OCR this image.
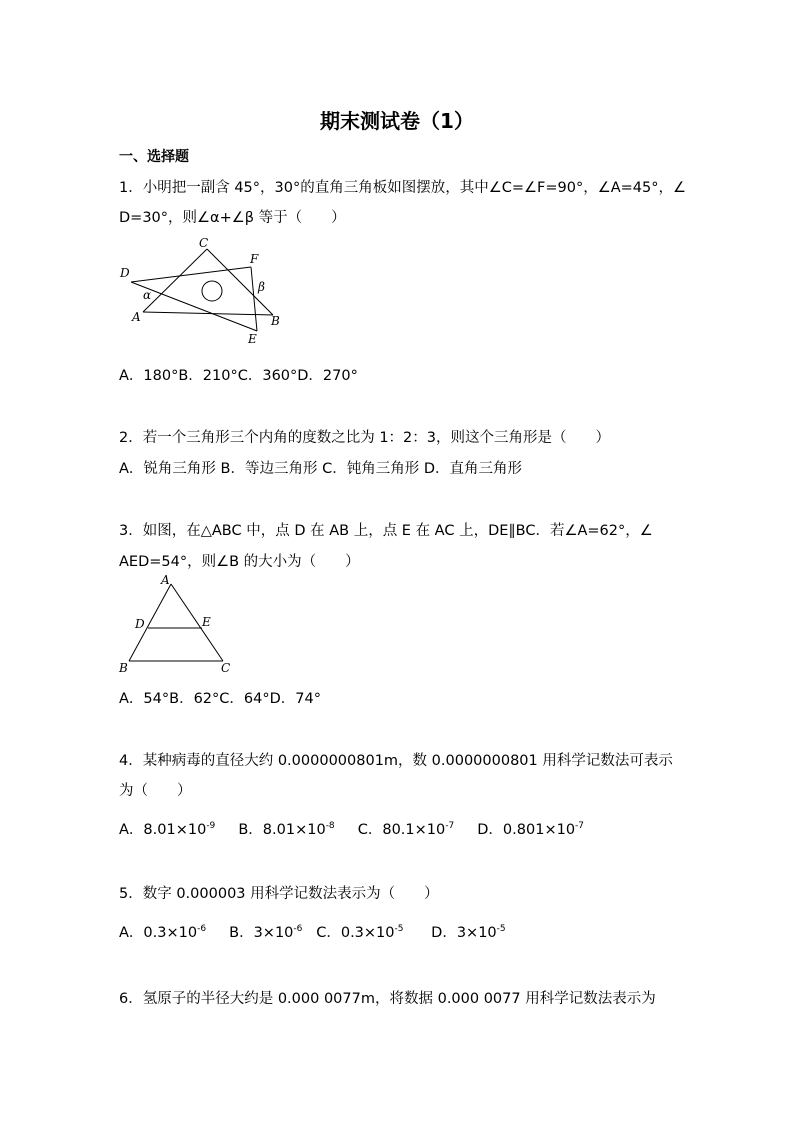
期末测试卷（1）
一、选择题
1．小明把一副含 45°，30°的直角三角板如图摆放，其中∠C=∠F=90°，∠A=45°，∠
D=30°，则∠α+∠β 等于（　　）
C
F
D
α
β
A	B
E
A．180°B．210°C．360°D．270°
2．若一个三角形三个内角的度数之比为 1：2：3，则这个三角形是（　　）
A．锐角三角形 B．等边三角形 C．钝角三角形 D．直角三角形
3．如图，在△ABC 中，点 D 在 AB 上，点 E 在 AC 上，DE∥BC．若∠A=62°，∠
AED=54°，则∠B 的大小为（　　）
A
D	E
B	C
A．54°B．62°C．64°D．74°
4．某种病毒的直径大约 0.0000000801m，数 0.0000000801 用科学记数法可表示
为（　　）
A．$8.01\times 10^{-9}$ B．$8.01\times 10^{-8}$ C．$80.1\times 10^{-7}$ D．$0.801\times 10^{-7}$
5．数字 0.000003 用科学记数法表示为（　　）
A．$0.3\times 10^{-6}$ B．$3\times 10^{-6}$ C．$0.3\times 10^{-5}$ D．$3\times 10^{-5}$
6．氢原子的半径大约是 0.000 0077m，将数据 0.000 0077 用科学记数法表示为
